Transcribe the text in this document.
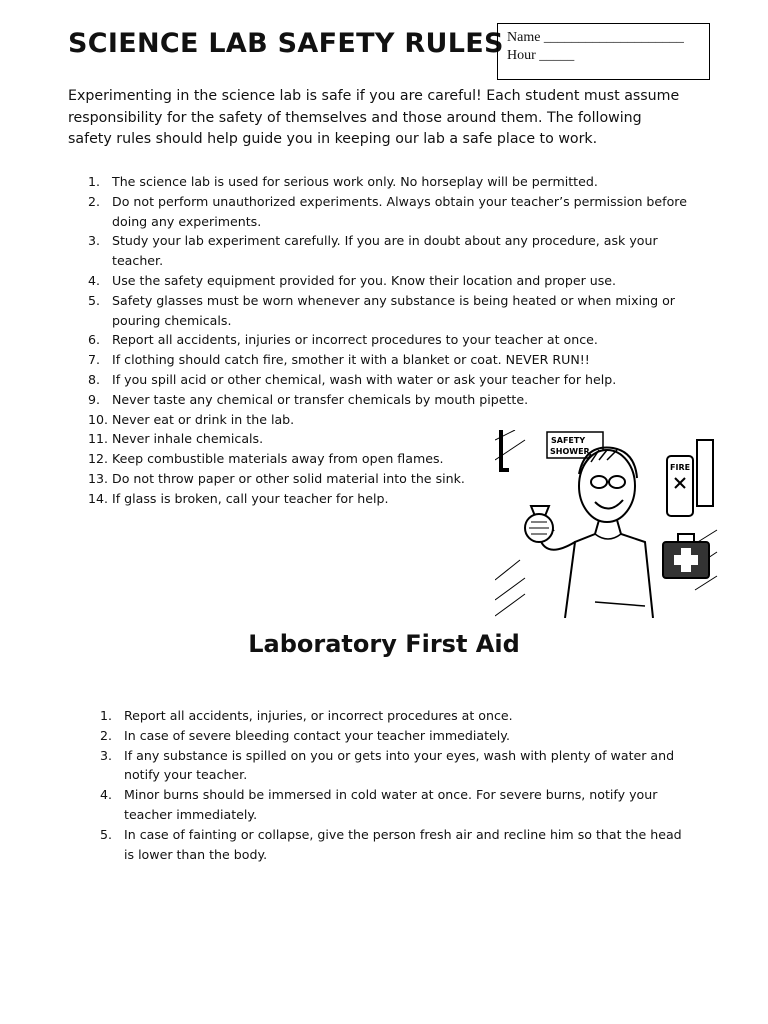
SCIENCE LAB SAFETY RULES Name ____________________
Hour _____

Experimenting in the science lab is safe if you are careful! Each student must assume responsibility for the safety of themselves and those around them. The following safety rules should help guide you in keeping our lab a safe place to work.

1. The science lab is used for serious work only. No horseplay will be permitted.
2. Do not perform unauthorized experiments. Always obtain your teacher’s permission before doing any experiments.
3. Study your lab experiment carefully. If you are in doubt about any procedure, ask your teacher.
4. Use the safety equipment provided for you. Know their location and proper use.
5. Safety glasses must be worn whenever any substance is being heated or when mixing or pouring chemicals.
6. Report all accidents, injuries or incorrect procedures to your teacher at once.
7. If clothing should catch fire, smother it with a blanket or coat. NEVER RUN!!
8. If you spill acid or other chemical, wash with water or ask your teacher for help.
9. Never taste any chemical or transfer chemicals by mouth pipette.
10. Never eat or drink in the lab.
11. Never inhale chemicals.
12. Keep combustible materials away from open flames.
13. Do not throw paper or other solid material into the sink.
14. If glass is broken, call your teacher for help.
SAFETY
SHOWER
FIRE
Laboratory First Aid
1. Report all accidents, injuries, or incorrect procedures at once.
2. In case of severe bleeding contact your teacher immediately.
3. If any substance is spilled on you or gets into your eyes, wash with plenty of water and notify your teacher.
4. Minor burns should be immersed in cold water at once. For severe burns, notify your teacher immediately.
5. In case of fainting or collapse, give the person fresh air and recline him so that the head is lower than the body.
